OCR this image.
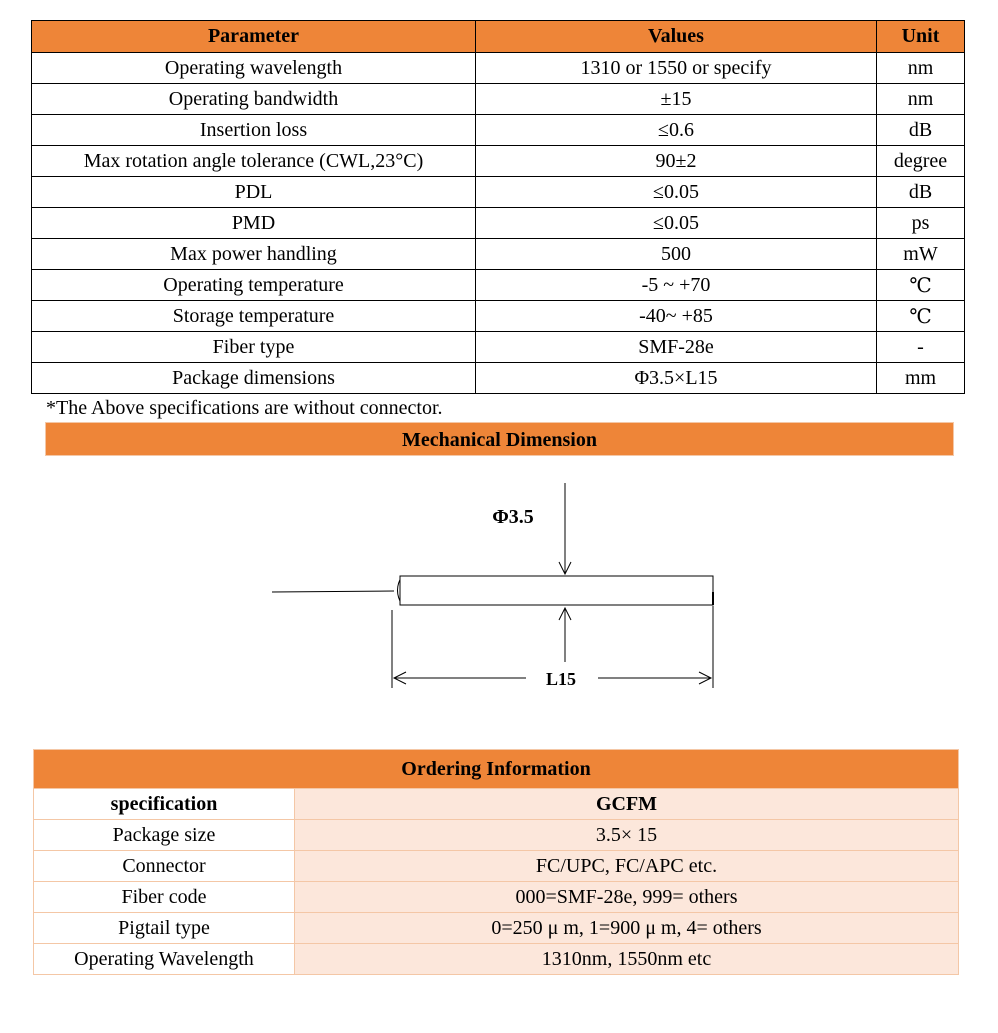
Parameter	Values	Unit
Operating wavelength	1310 or 1550 or specify	nm
Operating bandwidth	±15	nm
Insertion loss	≤0.6	dB
Max rotation angle tolerance (CWL,23°C)	90±2	degree
PDL	≤0.05	dB
PMD	≤0.05	ps
Max power handling	500	mW
Operating temperature	-5 ~ +70	℃
Storage temperature	-40~ +85	℃
Fiber type	SMF-28e	-
Package dimensions	Φ3.5×L15	mm
*The Above specifications are without connector.
Mechanical Dimension
Φ3.5
L15
Ordering Information	
specification	GCFM
Package size	3.5× 15
Connector	FC/UPC, FC/APC etc.
Fiber code	000=SMF-28e, 999= others
Pigtail type	0=250 μ m, 1=900 μ m, 4= others
Operating Wavelength	1310nm, 1550nm etc
